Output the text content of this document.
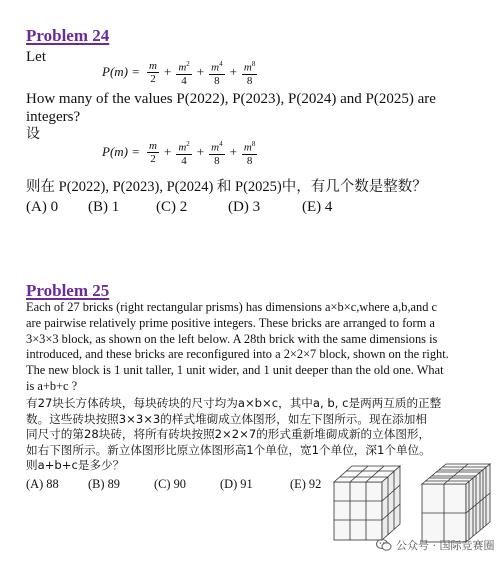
Problem 24
Let
$P(m) = \frac{m}{2} + \frac{m^2}{4} + \frac{m^4}{8} + \frac{m^8}{8}$
How many of the values P(2022), P(2023), P(2024) and P(2025) are
integers?
设
$P(m) = \frac{m}{2} + \frac{m^2}{4} + \frac{m^4}{8} + \frac{m^8}{8}$
则在 P(2022), P(2023), P(2024) 和 P(2025)中，有几个数是整数？
(A) 0	(B) 1	(C) 2	(D) 3	(E) 4
Problem 25
Each of 27 bricks (right rectangular prisms) has dimensions a×b×c,where a,b,and c
are pairwise relatively prime positive integers. These bricks are arranged to form a
3×3×3 block, as shown on the left below. A 28th brick with the same dimensions is
introduced, and these bricks are reconfigured into a 2×2×7 block, shown on the right.
The new block is 1 unit taller, 1 unit wider, and 1 unit deeper than the old one. What
is a+b+c ?
有27块长方体砖块，每块砖块的尺寸均为a×b×c，其中a, b, c是两两互质的正整
数。这些砖块按照3×3×3的样式堆砌成立体图形，如左下图所示。现在添加相
同尺寸的第28块砖，将所有砖块按照2×2×7的形式重新堆砌成新的立体图形，
如右下图所示。新立体图形比原立体图形高1个单位，宽1个单位，深1个单位。
则a+b+c是多少？
(A) 88	(B) 89	(C) 90	(D) 91	(E) 92
公众号 · 国际竞赛圈
